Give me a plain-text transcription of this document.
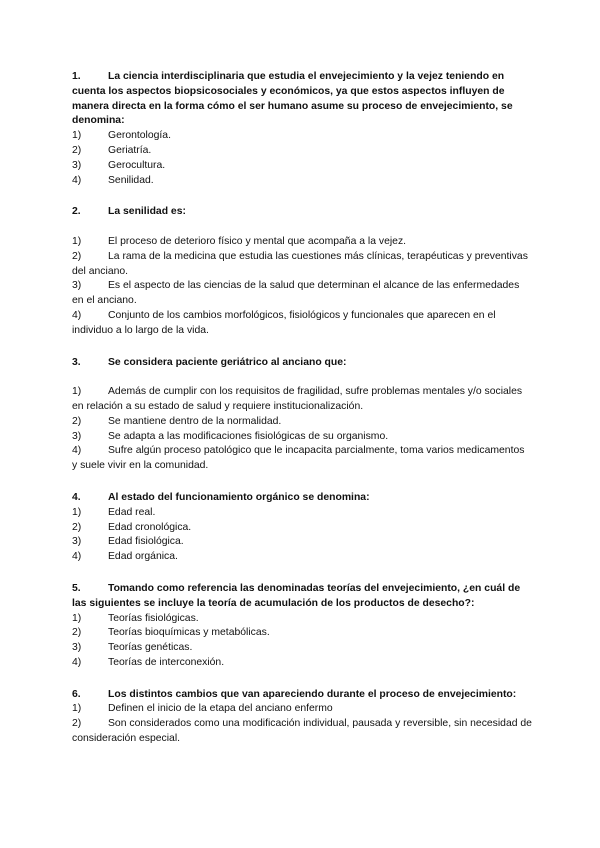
1.	La ciencia interdisciplinaria que estudia el envejecimiento y la vejez teniendo en cuenta los aspectos biopsicosociales y económicos, ya que estos aspectos influyen de manera directa en la forma cómo el ser humano asume su proceso de envejecimiento, se denomina:

1)	Gerontología.

2)	Geriatría.

3)	Gerocultura.

4)	Senilidad.

2.	La senilidad es:

1)	El proceso de deterioro físico y mental que acompaña a la vejez.

2)	La rama de la medicina que estudia las cuestiones más clínicas, terapéuticas y preventivas del anciano.

3)	Es el aspecto de las ciencias de la salud que determinan el alcance de las enfermedades en el anciano.

4)	Conjunto de los cambios morfológicos, fisiológicos y funcionales que aparecen en el individuo a lo largo de la vida.

3.	Se considera paciente geriátrico al anciano que:

1)	Además de cumplir con los requisitos de fragilidad, sufre problemas mentales y/o sociales en relación a su estado de salud y requiere institucionalización.

2)	Se mantiene dentro de la normalidad.

3)	Se adapta a las modificaciones fisiológicas de su organismo.

4)	Sufre algún proceso patológico que le incapacita parcialmente, toma varios medicamentos y suele vivir en la comunidad.

4.	Al estado del funcionamiento orgánico se denomina:

1)	Edad real.

2)	Edad cronológica.

3)	Edad fisiológica.

4)	Edad orgánica.

5.	Tomando como referencia las denominadas teorías del envejecimiento, ¿en cuál de las siguientes se incluye la teoría de acumulación de los productos de desecho?:

1)	Teorías fisiológicas.

2)	Teorías bioquímicas y metabólicas.

3)	Teorías genéticas.

4)	Teorías de interconexión.

6.	Los distintos cambios que van apareciendo durante el proceso de envejecimiento:

1)	Definen el inicio de la etapa del anciano enfermo

2)	Son considerados como una modificación individual, pausada y reversible, sin necesidad de consideración especial.
